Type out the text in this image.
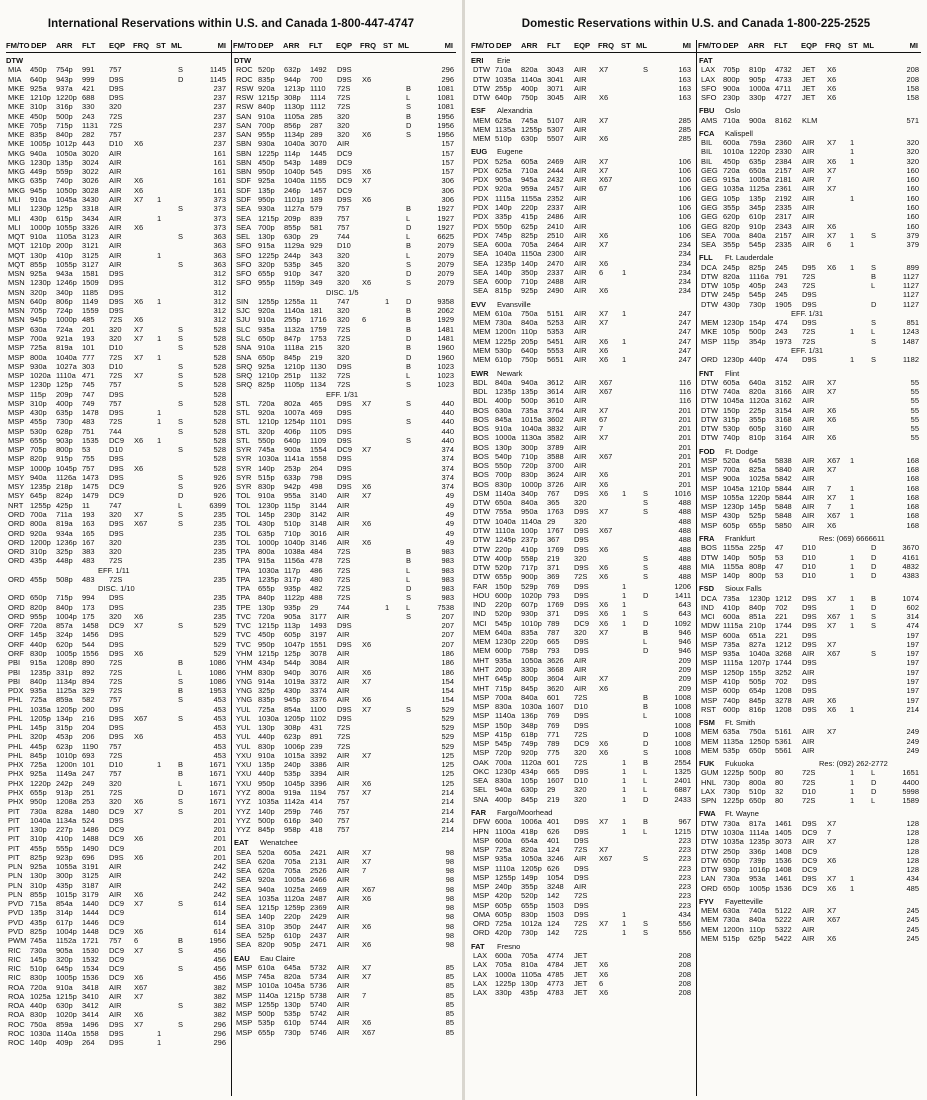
International Reservations within U.S. and Canada 1-800-447-4747
FM/TO DEP ARR FLT EQP FRQ ST ML	MI FM/TO DEP ARR FLT EQP FRQ ST ML	MI
DTW
MIA 450p 754p 991 757	S	1145
MIA 640p 943p 999 D9S	D	1145
MKE 925a 937a 421 D9S	237
MKE 1210p 1220p 688 D9S	237
MKE 310p 316p 330 320	237
MKE 450p 500p 243 72S	237
MKE 705p 715p 1131 72S	237
MKE 835p 840p 282 757	237
MKE 1005p 1012p 443 D10 X6	237
MKG 940a 1050a 3020 AIR	161
MKG 1230p 135p 3024 AIR	161
MKG 449p 559p 3022 AIR	161
MKG 635p 740p 3026 AIR X6	161
MKG 945p 1050p 3028 AIR X6	161
MLI 910a 1045a 3430 AIR X7 1	373
MLI 1230p 125p 3318 AIR	S	373
MLI 430p 615p 3434 AIR	1	373
MLI 1000p 1055p 3326 AIR X6	373
MQT 910a 1105a 3123 AIR	S	363
MQT 1210p 200p 3121 AIR	363
MQT 130p 410p 3125 AIR	1	363
MQT 855p 1055p 3127 AIR	S	363
MSN 925a 943a 1581 D9S	312
MSN 1230p 1246p 1509 D9S	312
MSN 320p 340p 1185 D9S	312
MSN 640p 806p 1149 D9S X6 1	312
MSN 705p 724p 1559 D9S	312
MSN 945p 1000p 485 72S X6	312
MSP 630a 724a 201 320 X7	S	528
MSP 700a 921a 193 320 X7 1 S	528
MSP 725a 819a 101 D10	S	528
MSP 800a 1040a 777 72S X7 1	528
MSP 930a 1027a 303 D10	S	528
MSP 1020a 1110a 471 72S X7	S	528
MSP 1230p 125p 745 757	S	528
MSP 115p 209p 747 D9S	528
MSP 310p 400p 749 757	S	528
MSP 430p 635p 1478 D9S	1	528
MSP 455p 730p 483 72S	1 S	528
MSP 530p 628p 751 744	S	528
MSP 655p 903p 1535 DC9 X6 1	528
MSP 705p 800p 53 D10	S	528
MSP 820p 915p 755 D9S	528
MSP 1000p 1045p 757 D9S X6	528
MSY 940a 1126a 1473 D9S	S	926
MSY 1235p 218p 1475 DC9	S	926
MSY 645p 824p 1479 DC9	D	926
NRT 1255p 425p 11	747	L	6399
ORD 700a 711a 193 320 X7	S	235
ORD 800a 819a 163 D9S X67	S	235
ORD 920a 934a 165 D9S	235
ORD 1200p 1236p 167 320	235
ORD 310p 325p 383 320	235
ORD 435p 448p 483 72S	235
EFF. 1/11
ORD 455p 508p 483 72S	235
DISC. 1/10
ORD 650p 715p 994 D9S	235
ORD 820p 840p 173 D9S	235
ORD 955p 1004p 175 320 X6	235
ORF 720a 857a 1458 DC9 X7	S	529
ORF 145p 324p 1456 D9S	529
ORF 440p 620p 544 D9S	529
ORF 830p 1005p 1556 D9S X6	529
PBI 915a 1208p 890 72S	B	1086
PBI 1235p 331p 892 72S	L	1086
PBI 840p 1134p 894 72S	S	1086
PDX 935a 1125a 329 72S	B	1953
PHL 725a 859a 582 757	S	453
PHL 1035a 1205p 200 D9S	453
PHL 1205p 134p 216 D9S X67	S	453
PHL 145p 315p 204 D9S	453
PHL 320p 453p 206 D9S X6	453
PHL 445p 623p 1190 757	453
PHL 845p 1010p 693 72S	453
PHX 725a 1200n 101 D10	1 B	1671
PHX 925a 1149a 247 757	B	1671
PHX 1220p 242p 249 320	L	1671
PHX 655p 913p 251 72S	D	1671
PHX 950p 1208a 253 320 X6	S	1671
PIT 730a 828a 1480 DC9 X7	S	201
PIT 1040a 1134a 524 D9S	201
PIT 130p 227p 1486 DC9	201
PIT 310p 410p 1488 DC9 X6	201
PIT 455p 555p 1490 DC9	201
PIT 825p 923p 696 D9S X6	201
PLN 925a 1055a 3191 AIR	242
PLN 130p 300p 3125 AIR	242
PLN 310p 435p 3187 AIR	242
PLN 855p 1015p 3179 AIR X6	242
PVD 715a 854a 1440 DC9 X7	S	614
PVD 135p 314p 1444 DC9	614
PVD 435p 617p 1446 DC9	614
PVD 825p 1004p 1448 DC9 X6	614
PWM 745a 1152a 1721 757 6	B	1956
RIC 730a 905a 1530 DC9 X7	S	456
RIC 145p 320p 1532 DC9	456
RIC 510p 645p 1534 DC9	S	456
RIC 830p 1005p 1536 DC9 X6	456
ROA 720a 910a 3418 AIR X67	382
ROA 1025a 1215p 3410 AIR X7	382
ROA 440p 630p 3412 AIR	S	382
ROA 830p 1020p 3414 AIR X6	382
ROC 750a 859a 1496 D9S X7	S	296
ROC 1030a 1140a 1558 D9S	1	296
ROC 140p 409p 264 D9S	1	296
DTW
ROC 520p 632p 1492 D9S	296
ROC 835p 944p 700 D9S X6	296
RSW 920a 1213p 1110 72S	B	1081
RSW 1215p 308p 1114 72S	L	1081
RSW 840p 1130p 1112 72S	S	1081
SAN 910a 1105a 285 320	B	1956
SAN 700p 856p 287 320	D	1956
SAN 955p 1134p 289 320 X6	S	1956
SBN 930a 1040a 3070 AIR	157
SBN 1225p 114p 1445 DC9	157
SBN 450p 543p 1489 DC9	157
SBN 950p 1040p 545 D9S X6	157
SDF 925a 1040a 1155 DC9 X7	306
SDF 135p 246p 1457 DC9	306
SDF 950p 1101p 189 D9S X6	306
SEA 930a 1127a 579 757	B	1927
SEA 1215p 209p 839 757	L	1927
SEA 700p 855p 581 757	D	1927
SEL 130p 630p 29 744	L	6625
SFO 915a 1129a 929 D10	B	2079
SFO 1225p 244p 343 320	L	2079
SFO 320p 535p 345 320	S	2079
SFO 655p 910p 347 320	D	2079
SFO 955p 1159p 349 320 X6	S	2079
DISC. 1/5
SIN 1255p 1255a 11	747	1 D	9358
SJC 920a 1140a 181 320	B	2062
SJU 910a 255p 1716 320 6	B	1929
SLC 935a 1132a 1759 72S	B	1481
SLC 650p 847p 1753 72S	D	1481
SNA 910a 1118a 215 320	B	1960
SNA 650p 845p 219 320	D	1960
SRQ 925a 1210p 1130 D9S	B	1023
SRQ 1210p 251p 1132 72S	L	1023
SRQ 825p 1105p 1134 72S	S	1023
EFF. 1/31
STL 720a 802a 465 D9S X7	S	440
STL 920a 1007a 469 D9S	440
STL 1210p 1254p 1101 D9S	S	440
STL 320p 406p 1105 D9S	440
STL 550p 640p 1109 D9S	S	440
SYR 745a 900a 1554 DC9 X7	374
SYR 1030a 1141a 1558 D9S	374
SYR 140p 253p 264 D9S	374
SYR 515p 633p 798 D9S	374
SYR 830p 942p 498 D9S X6	374
TOL 910a 955a 3140 AIR X7	49
TOL 1230p 115p 3144 AIR	49
TOL 145p 230p 3142 AIR	49
TOL 430p 510p 3148 AIR X6	49
TOL 635p 710p 3016 AIR	49
TOL 1000p 1040p 3146 AIR X6	49
TPA 800a 1038a 484 72S	B	983
TPA 915a 1156a 478 72S	B	983
TPA 1030a 117p 486 72S	L	983
TPA 1235p 317p 480 72S	L	983
TPA 655p 935p 482 72S	D	983
TPA 840p 1122p 488 72S	S	983
TPE 130p 935p 29 744	1 L	7538
TVC 720a 905a 3177 AIR	S	207
TVC 1215p 113p 1493 D9S	207
TVC 450p 605p 3197 AIR	207
TVC 950p 1047p 1551 D9S X6	207
YHM 1215p 125p 3078 AIR	186
YHM 434p 544p 3084 AIR	186
YHM 830p 940p 3076 AIR X6	186
YNG 914a 1019a 3372 AIR X7	154
YNG 325p 430p 3374 AIR	154
YNG 835p 945p 3376 AIR X6	154
YUL 725a 854a 1100 D9S X7	S	529
YUL 1030a 1205p 1102 D9S	529
YUL 130p 308p 431 72S	529
YUL 440p 623p 891 72S	529
YUL 830p 1006p 239 72S	529
YXU 910a 1015a 3392 AIR X7	125
YXU 135p 240p 3386 AIR	125
YXU 440p 535p 3394 AIR	125
YXU 950p 1045p 3396 AIR X6	125
YYZ 800a 919a 1194 757 X7	214
YYZ 1035a 1142a 414 757	214
YYZ 140p 259p 746 757	214
YYZ 500p 616p 340 757	214
YYZ 845p 958p 418 757	214
EAT Wenatchee
SEA 520a 605a 2421 AIR X7	98
SEA 620a 705a 2131 AIR X7	98
SEA 620a 705a 2526 AIR 7	98
SEA 920a 1005a 2466 AIR	98
SEA 940a 1025a 2469 AIR X67	98
SEA 1035a 1120a 2487 AIR X6	98
SEA 1215p 1259p 2369 AIR	98
SEA 140p 220p 2429 AIR	98
SEA 310p 350p 2447 AIR X6	98
SEA 525p 610p 2437 AIR	98
SEA 820p 905p 2471 AIR X6	98
EAU Eau Claire
MSP 610a 645a 5732 AIR X7	85
MSP 745a 820a 5734 AIR X7	85
MSP 1010a 1045a 5736 AIR	85
MSP 1140a 1215p 5738 AIR 7	85
MSP 1255p 130p 5740 AIR	85
MSP 500p 535p 5742 AIR	85
MSP 535p 610p 5744 AIR X6	85
MSP 655p 730p 5746 AIR X67	85
Domestic Reservations within U.S. and Canada 1-800-225-2525
FM/TO DEP ARR FLT EQP FRQ ST ML	MI FM/TO DEP ARR FLT EQP FRQ ST ML	MI
ERI Erie
DTW 710a 820a 3043 AIR X7	S	163
DTW 1035a 1140a 3041 AIR	163
DTW 255p 400p 3071 AIR	163
DTW 640p 750p 3045 AIR X6	163
ESF Alexandria
MEM 625a 745a 5107 AIR X7	285
MEM 1135a 1255p 5307 AIR	285
MEM 510p 630p 5507 AIR X6	285
EUG Eugene
PDX 525a 605a 2469 AIR X7	106
PDX 625a 710a 2444 AIR X7	106
PDX 905a 945a 2432 AIR X67	106
PDX 920a 959a 2457 AIR 67	106
PDX 1115a 1155a 2352 AIR	106
PDX 140p 220p 2337 AIR	106
PDX 335p 415p 2486 AIR	106
PDX 550p 625p 2410 AIR	106
PDX 745p 825p 2510 AIR X6	106
SEA 600a 705a 2464 AIR X7	234
SEA 1040a 1150a 2300 AIR	234
SEA 1235p 140p 2470 AIR X6	234
SEA 140p 350p 2337 AIR 6	1	234
SEA 600p 710p 2488 AIR	234
SEA 815p 925p 2490 AIR X6	234
EVV Evansville
MEM 610a 750a 5151 AIR X7 1	247
MEM 730a 840a 5253 AIR X7	247
MEM 1200n 110p 5353 AIR	247
MEM 1225p 205p 5451 AIR X6 1	247
MEM 530p 640p 5553 AIR X6	247
MEM 610p 750p 5651 AIR X6 1	247
EWR Newark
BDL 840a 940a 3612 AIR X67	116
BDL 1235p 135p 3614 AIR X67	116
BDL 400p 500p 3610 AIR	116
BOS 630a 735a 3764 AIR X7	201
BOS 845a 1015a 3602 AIR 67	201
BOS 910a 1040a 3832 AIR 7	201
BOS 1000a 1130a 3582 AIR X7	201
BOS 130p 300p 3789 AIR	201
BOS 540p 710p 3588 AIR X67	201
BOS 550p 720p 3700 AIR	201
BOS 700p 830p 3624 AIR X6	201
BOS 830p 1000p 3726 AIR X6	201
DSM 1140a 340p 767 D9S X6 1 S	1016
DTW 650a 840a 365 320	S	488
DTW 755a 950a 1763 D9S X7	S	488
DTW 1040a 1140a 29 320	488
DTW 1110a 100p 1767 D9S X67	488
DTW 1245p 237p 367 D9S	488
DTW 220p 410p 1769 D9S X6	488
DTW 400p 558p 219 320	S	488
DTW 520p 717p 371 D9S X6	S	488
DTW 655p 900p 369 72S X6	S	488
FAR 150p 529p 769 D9S	1	1206
HOU 600p 1020p 793 D9S	1 D	1411
IND 220p 607p 1769 D9S X6 1	643
IND 520p 930p 371 D9S X6 1 S	643
MCI 545p 1010p 789 DC9 X6 1 D	1092
MEM 640a 835a 787 320 X7	B	946
MEM 1230p 220p 665 D9S	L	946
MEM 600p 758p 793 D9S	D	946
MHT 935a 1050a 3626 AIR	209
MHT 200p 330p 3668 AIR	209
MHT 645p 800p 3604 AIR X7	209
MHT 715p 845p 3620 AIR X6	209
MSP 700a 840a 601 72S	B	1008
MSP 830a 1030a 1607 D10	B	1008
MSP 1140a 136p 769 D9S	L	1008
MSP 150p 348p 769 D9S	1008
MSP 415p 618p 771 72S	D	1008
MSP 545p 749p 789 DC9 X6	D	1008
MSP 720p 920p 775 320 X6	S	1008
OAK 700a 1120a 601 72S	1 B	2554
OKC 1230p 434p 665 D9S	1 L	1325
SEA 830a 105p 1607 D10	1 L	2401
SEL 940a 630p 29 320	1 L	6887
SNA 400p 845p 219 320	1 D	2433
FAR Fargo/Moorhead
DFW 600a 1006a 401 D9S X7 1 B	967
HPN 1100a 418p 626 D9S	1 L	1215
MSP 600a 654a 401 D9S	223
MSP 725a 820a 124 72S X7	223
MSP 935a 1050a 3246 AIR X67	S	223
MSP 1110a 1205p 626 D9S	223
MSP 1255p 149p 1054 D9S	223
MSP 240p 355p 3248 AIR	223
MSP 420p 520p 142 72S	223
MSP 605p 655p 1503 D9S	223
OMA 605p 830p 1503 D9S	1	434
ORD 725a 1012a 124 72S X7 1 S	556
ORD 420p 730p 142 72S	1 S	556
FAT Fresno
LAX 600a 705a 4774 JET	208
LAX 705a 810a 4784 JET X6	208
LAX 1000a 1105a 4785 JET X6	208
LAX 1225p 130p 4773 JET 6	208
LAX 330p 435p 4783 JET X6	208
FAT
LAX 705p 810p 4732 JET X6	208
LAX 800p 905p 4733 JET X6	208
SFO 900a 1000a 4711 JET X6	158
SFO 230p 330p 4727 JET X6	158
FBU Oslo
AMS 710a 900a 8162 KLM	571
FCA Kalispell
BIL 600a 759a 2360 AIR X7 1	320
BIL 1010a 1220p 2330 AIR	1	320
BIL 450p 635p 2384 AIR X6 1	320
GEG 720a 650a 2157 AIR X7	160
GEG 915a 1005a 2181 AIR 7	160
GEG 1035a 1125a 2361 AIR X7	160
GEG 105p 135p 2192 AIR	1	160
GEG 355p 345p 2335 AIR	160
GEG 620p 610p 2317 AIR	160
GEG 820p 910p 2343 AIR X6	160
SEA 700a 840a 2157 AIR X7 1 S	379
SEA 355p 545p 2335 AIR 6	1	379
FLL Ft. Lauderdale
DCA 245p 825p 245 D95 X6 1 S	899
DTW 820a 1116a 791 72S	B	1127
DTW 105p 405p 243 72S	L	1127
DTW 245p 545p 245 D9S	1127
DTW 430p 730p 1905 D9S	D	1127
EFF. 1/31
MEM 1230p 154p 474 D9S	S	851
MKE 105p 500p 243 72S	1 L	1243
MSP 115p 354p 1973 72S	S	1487
EFF. 1/31
ORD 1230p 440p 474 D9S	1 S	1182
FNT Flint
DTW 605a 640a 3152 AIR X7	55
DTW 740a 820a 3166 AIR X7	55
DTW 1045a 1120a 3162 AIR	55
DTW 150p 225p 3154 AIR X6	55
DTW 315p 355p 3168 AIR X6	55
DTW 530p 605p 3160 AIR	55
DTW 740p 810p 3164 AIR X6	55
FOD Ft. Dodge
MSP 520a 645a 5838 AIR X67 1	168
MSP 700a 825a 5840 AIR X7	168
MSP 900a 1025a 5842 AIR	168
MSP 1045a 1210p 5844 AIR 7	1	168
MSP 1055a 1220p 5844 AIR X7 1	168
MSP 1230p 145p 5848 AIR 7	1	168
MSP 430p 525p 5848 AIR X67 1	168
MSP 605p 655p 5850 AIR X6	168
FRA Frankfurt	Res: (069) 6666611
BOS 1155a 225p 47 D10	D	3670
DTW 140p 505p 53 D10	1 D	4161
MIA 1155a 808p 47 D10	1 D	4832
MSP 140p 800p 53 D10	1 D	4383
FSD Sioux Falls
DCA 735a 1230p 1212 D9S X7 1 B	1074
IND 410p 840p 702 D9S	1 D	602
MCI 600a 851a 221 D9S X67 1 S	314
MDW 1115a 210p 1744 D9S X7 1 S	474
MSP 600a 651a 221 D9S	197
MSP 735a 827a 1212 D9S X7	197
MSP 935a 1040a 3268 AIR X67	S	197
MSP 1115a 1207p 1744 D9S	197
MSP 1250p 155p 3252 AIR	197
MSP 410p 505p 702 D9S	197
MSP 600p 654p 1208 D9S	197
MSP 740p 845p 3278 AIR X6	197
RST 600p 816p 1208 D9S X6 1	214
FSM Ft. Smith
MEM 635a 750a 5161 AIR X7	249
MEM 1135a 1250p 5361 AIR	249
MEM 535p 650p 5561 AIR	249
FUK Fukuoka	Res: (092) 262-2772
GUM 1225p 500p 80 72S	1 L	1651
HNL 730p 800a 80 72S	1 D	4400
LAX 730p 510p 32 D10	1 D	5998
SPN 1225p 650p 80 72S	1 L	1589
FWA Ft. Wayne
DTW 730a 817a 1461 D9S X7	128
DTW 1030a 1114a 1405 DC9 7	128
DTW 1035a 1235p 3073 AIR X7	128
DTW 250p 336p 1408 DC9	128
DTW 650p 739p 1536 DC9 X6	128
DTW 930p 1016p 1408 DC9	128
LAN 730a 953a 1461 D9S X7 1	434
ORD 650p 1005p 1536 DC9 X6 1	485
FYV Fayetteville
MEM 630a 740a 5122 AIR X7	245
MEM 730a 840a 5222 AIR X67	245
MEM 1200n 110p 5322 AIR	245
MEM 515p 625p 5422 AIR X6	245
